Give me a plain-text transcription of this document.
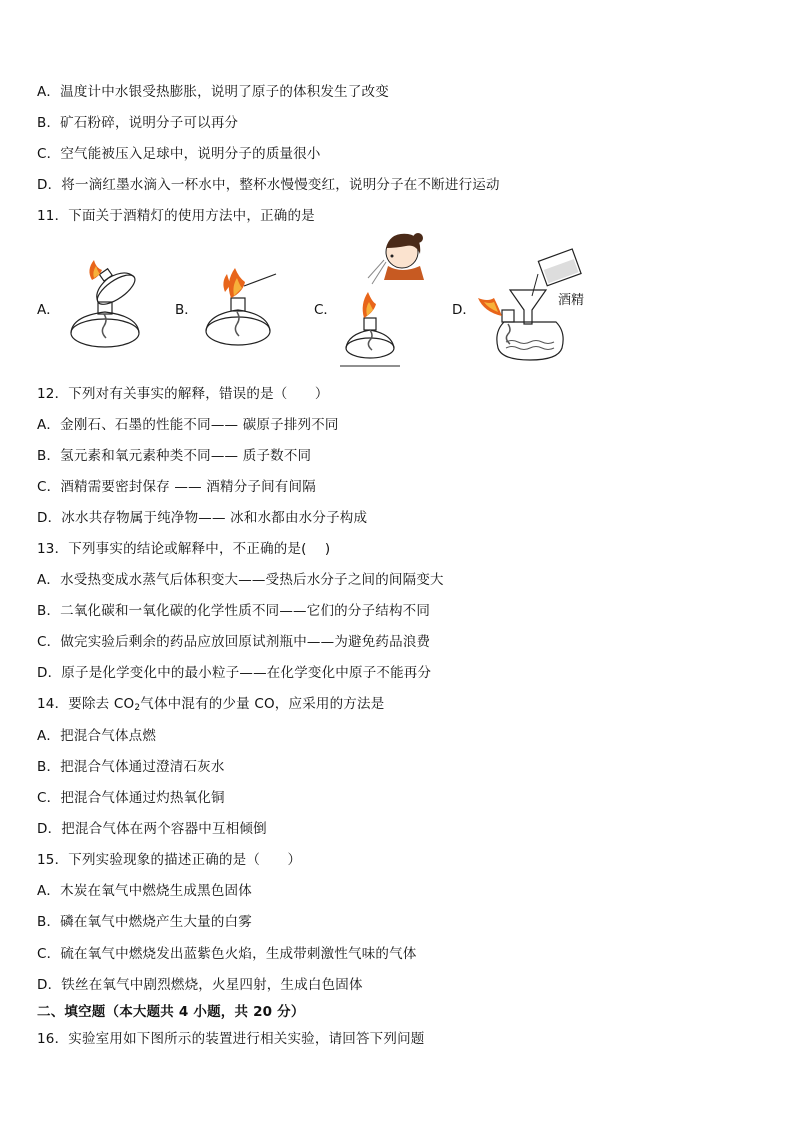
A．温度计中水银受热膨胀，说明了原子的体积发生了改变
B．矿石粉碎，说明分子可以再分
C．空气能被压入足球中，说明分子的质量很小
D．将一滴红墨水滴入一杯水中，整杯水慢慢变红，说明分子在不断进行运动
11．下面关于酒精灯的使用方法中，正确的是
A．	B．	C．	D．
酒精
12．下列对有关事实的解释，错误的是（　　）
A．金刚石、石墨的性能不同—— 碳原子排列不同
B．氢元素和氧元素种类不同—— 质子数不同
C．酒精需要密封保存 —— 酒精分子间有间隔
D．冰水共存物属于纯净物—— 冰和水都由水分子构成
13．下列事实的结论或解释中，不正确的是(　 )
A．水受热变成水蒸气后体积变大——受热后水分子之间的间隔变大
B．二氧化碳和一氧化碳的化学性质不同——它们的分子结构不同
C．做完实验后剩余的药品应放回原试剂瓶中——为避免药品浪费
D．原子是化学变化中的最小粒子——在化学变化中原子不能再分
14．要除去 $CO_2$气体中混有的少量 CO，应采用的方法是
A．把混合气体点燃
B．把混合气体通过澄清石灰水
C．把混合气体通过灼热氧化铜
D．把混合气体在两个容器中互相倾倒
15．下列实验现象的描述正确的是（　　）
A．木炭在氧气中燃烧生成黑色固体
B．磷在氧气中燃烧产生大量的白雾
C．硫在氧气中燃烧发出蓝紫色火焰，生成带刺激性气味的气体
D．铁丝在氧气中剧烈燃烧，火星四射，生成白色固体
二、填空题（本大题共 4 小题，共 20 分）
16．实验室用如下图所示的装置进行相关实验，请回答下列问题
